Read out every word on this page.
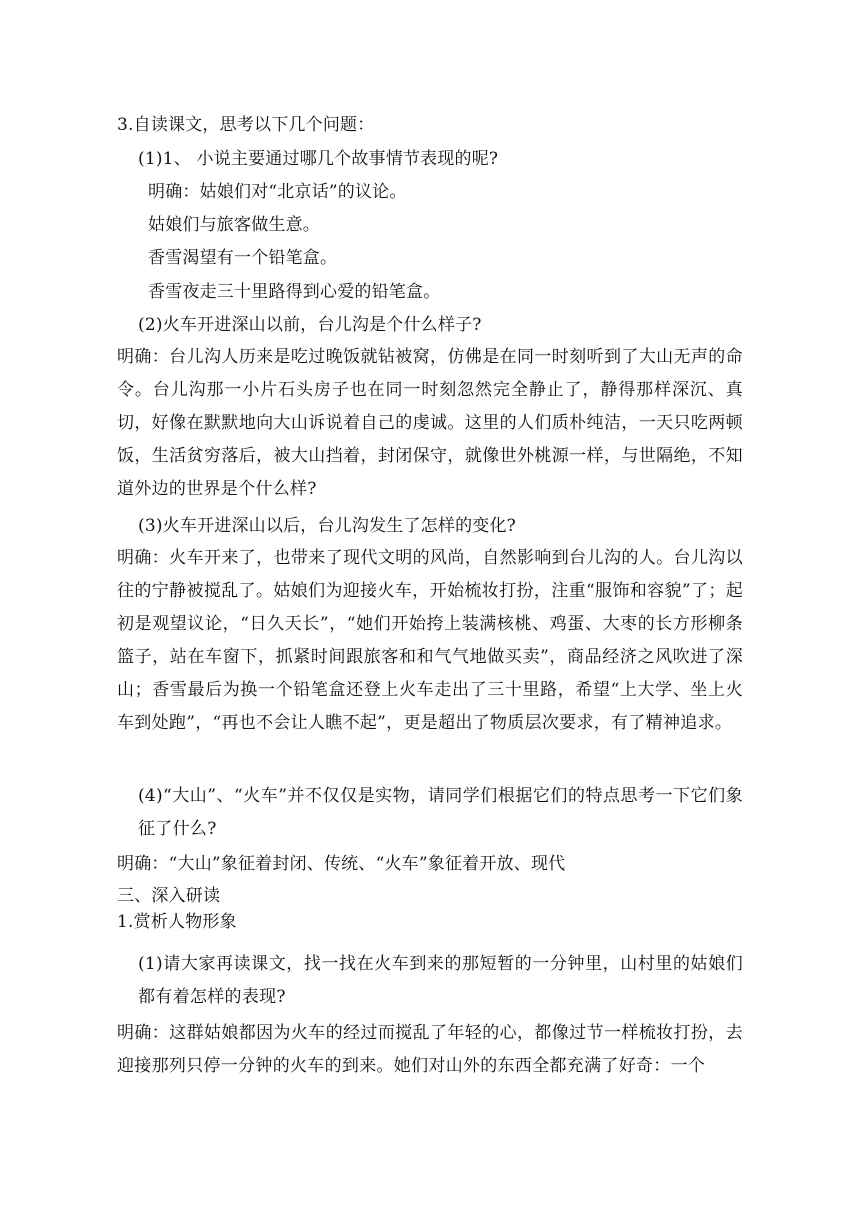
3.自读课文，思考以下几个问题：

(1)1、 小说主要通过哪几个故事情节表现的呢?

明确：姑娘们对“北京话”的议论。

姑娘们与旅客做生意。

香雪渴望有一个铅笔盒。

香雪夜走三十里路得到心爱的铅笔盒。

(2)火车开进深山以前，台儿沟是个什么样子?

明确：台儿沟人历来是吃过晚饭就钻被窝，仿佛是在同一时刻听到了大山无声的命令。台儿沟那一小片石头房子也在同一时刻忽然完全静止了，静得那样深沉、真切，好像在默默地向大山诉说着自己的虔诚。这里的人们质朴纯洁，一天只吃两顿饭，生活贫穷落后，被大山挡着，封闭保守，就像世外桃源一样，与世隔绝，不知道外边的世界是个什么样?

(3)火车开进深山以后，台儿沟发生了怎样的变化?

明确：火车开来了，也带来了现代文明的风尚，自然影响到台儿沟的人。台儿沟以往的宁静被搅乱了。姑娘们为迎接火车，开始梳妆打扮，注重“服饰和容貌”了；起初是观望议论，“日久天长”，“她们开始挎上装满核桃、鸡蛋、大枣的长方形柳条篮子，站在车窗下，抓紧时间跟旅客和和气气地做买卖”，商品经济之风吹进了深山；香雪最后为换一个铅笔盒还登上火车走出了三十里路，希望“上大学、坐上火车到处跑”，“再也不会让人瞧不起”，更是超出了物质层次要求，有了精神追求。

(4)“大山”、“火车”并不仅仅是实物，请同学们根据它们的特点思考一下它们象征了什么?

明确：“大山”象征着封闭、传统、“火车”象征着开放、现代

三、深入研读

1.赏析人物形象

(1)请大家再读课文，找一找在火车到来的那短暂的一分钟里，山村里的姑娘们都有着怎样的表现?

明确：这群姑娘都因为火车的经过而搅乱了年轻的心，都像过节一样梳妆打扮，去迎接那列只停一分钟的火车的到来。她们对山外的东西全都充满了好奇：一个
